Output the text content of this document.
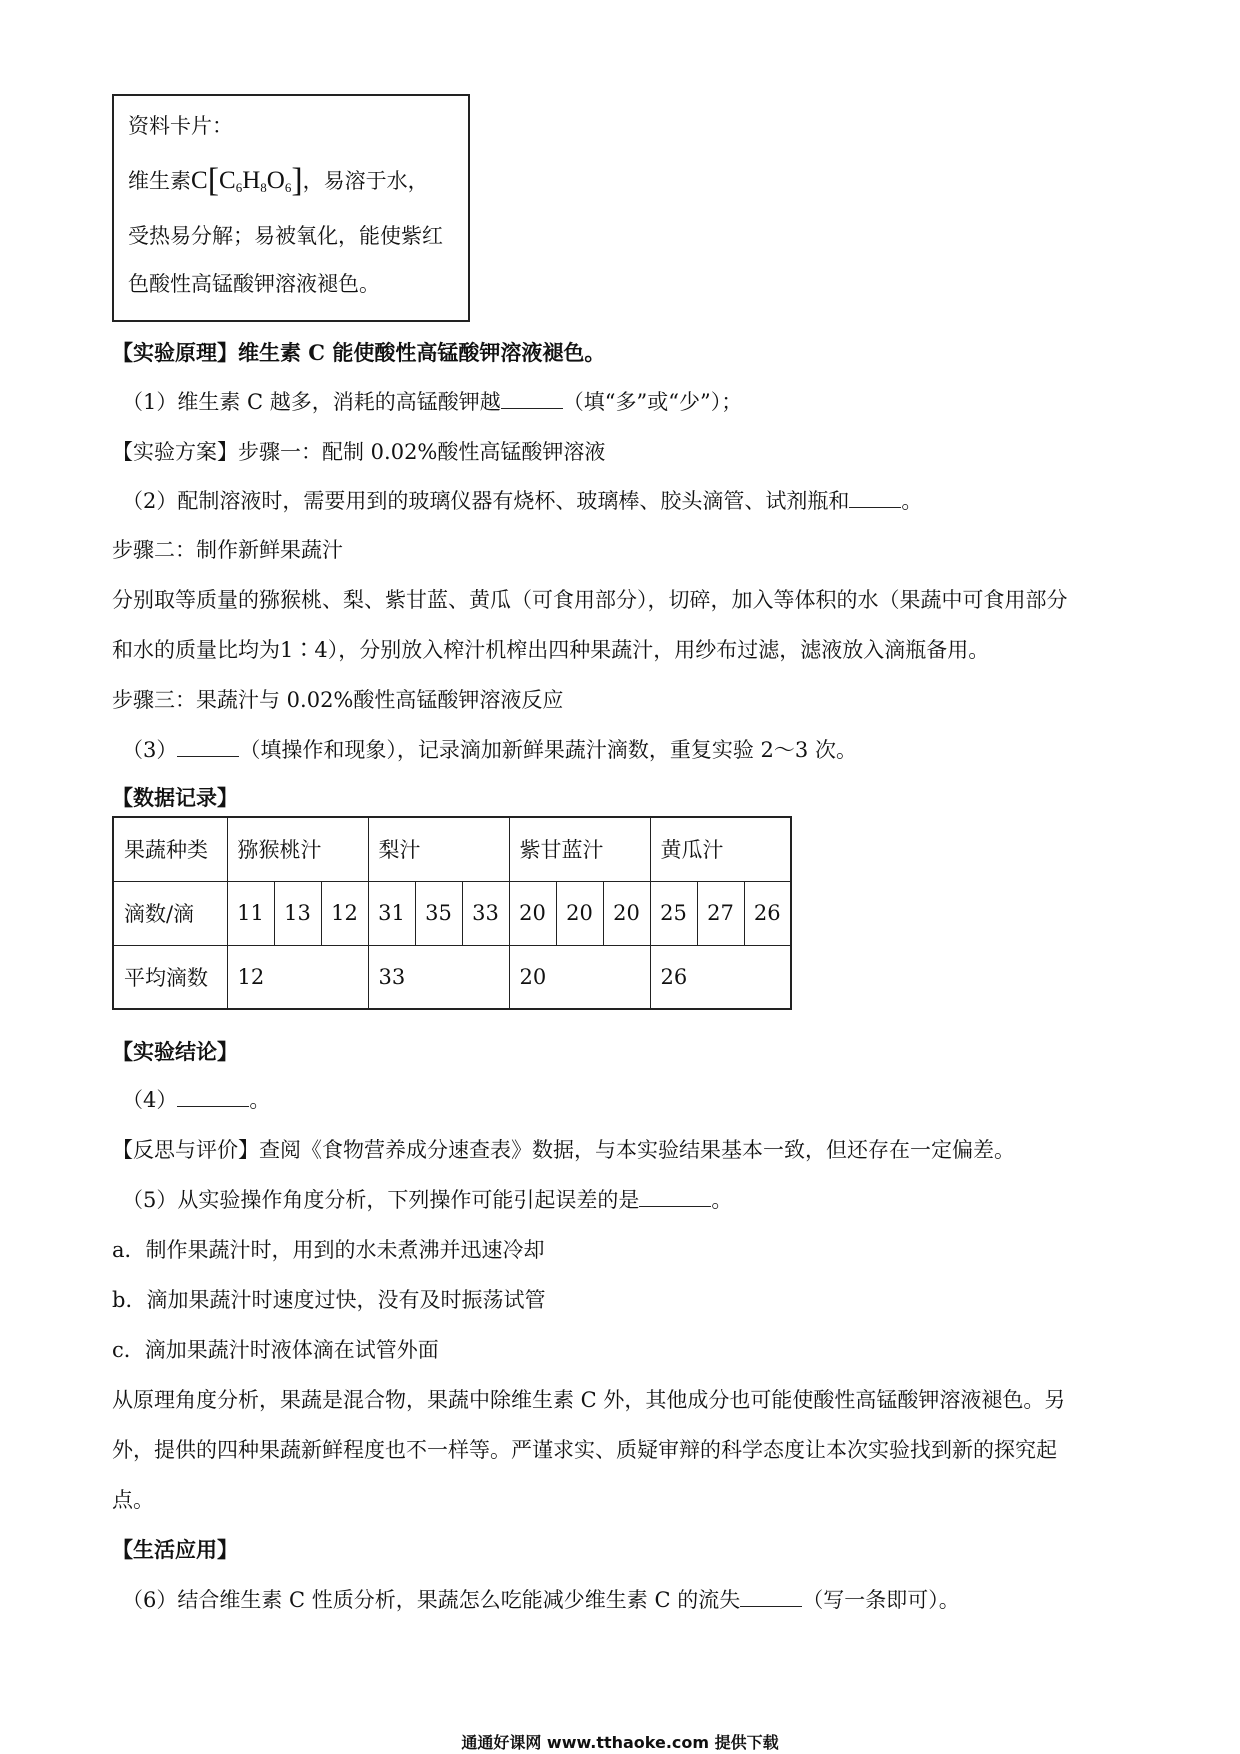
资料卡片：
维生素$C[C_6H_8O_6]$，易溶于水，
受热易分解；易被氧化，能使紫红
色酸性高锰酸钾溶液褪色。
【实验原理】维生素 C 能使酸性高锰酸钾溶液褪色。
（1）维生素 C 越多，消耗的高锰酸钾越	（填“多”或“少”）；
【实验方案】步骤一：配制 0.02%酸性高锰酸钾溶液
（2）配制溶液时，需要用到的玻璃仪器有烧杯、玻璃棒、胶头滴管、试剂瓶和 。
步骤二：制作新鲜果蔬汁
分别取等质量的猕猴桃、梨、紫甘蓝、黄瓜（可食用部分），切碎，加入等体积的水（果蔬中可食用部分
和水的质量比均为1∶4），分别放入榨汁机榨出四种果蔬汁，用纱布过滤，滤液放入滴瓶备用。
步骤三：果蔬汁与 0.02%酸性高锰酸钾溶液反应
（3）	（填操作和现象），记录滴加新鲜果蔬汁滴数，重复实验 2～3 次。
【数据记录】
果蔬种类	猕猴桃汁			梨汁			紫甘蓝汁			黄瓜汁		
滴数/滴	11	13	12	31	35	33	20	20	20	25	27	26
平均滴数	12			33			20			26		
【实验结论】
（4）	。
【反思与评价】查阅《食物营养成分速查表》数据，与本实验结果基本一致，但还存在一定偏差。
（5）从实验操作角度分析，下列操作可能引起误差的是	。
a．制作果蔬汁时，用到的水未煮沸并迅速冷却
b．滴加果蔬汁时速度过快，没有及时振荡试管
c．滴加果蔬汁时液体滴在试管外面
从原理角度分析，果蔬是混合物，果蔬中除维生素 C 外，其他成分也可能使酸性高锰酸钾溶液褪色。另
外，提供的四种果蔬新鲜程度也不一样等。严谨求实、质疑审辩的科学态度让本次实验找到新的探究起
点。
【生活应用】
（6）结合维生素 C 性质分析，果蔬怎么吃能减少维生素 C 的流失	（写一条即可）。
通通好课网 www.tthaoke.com 提供下载
